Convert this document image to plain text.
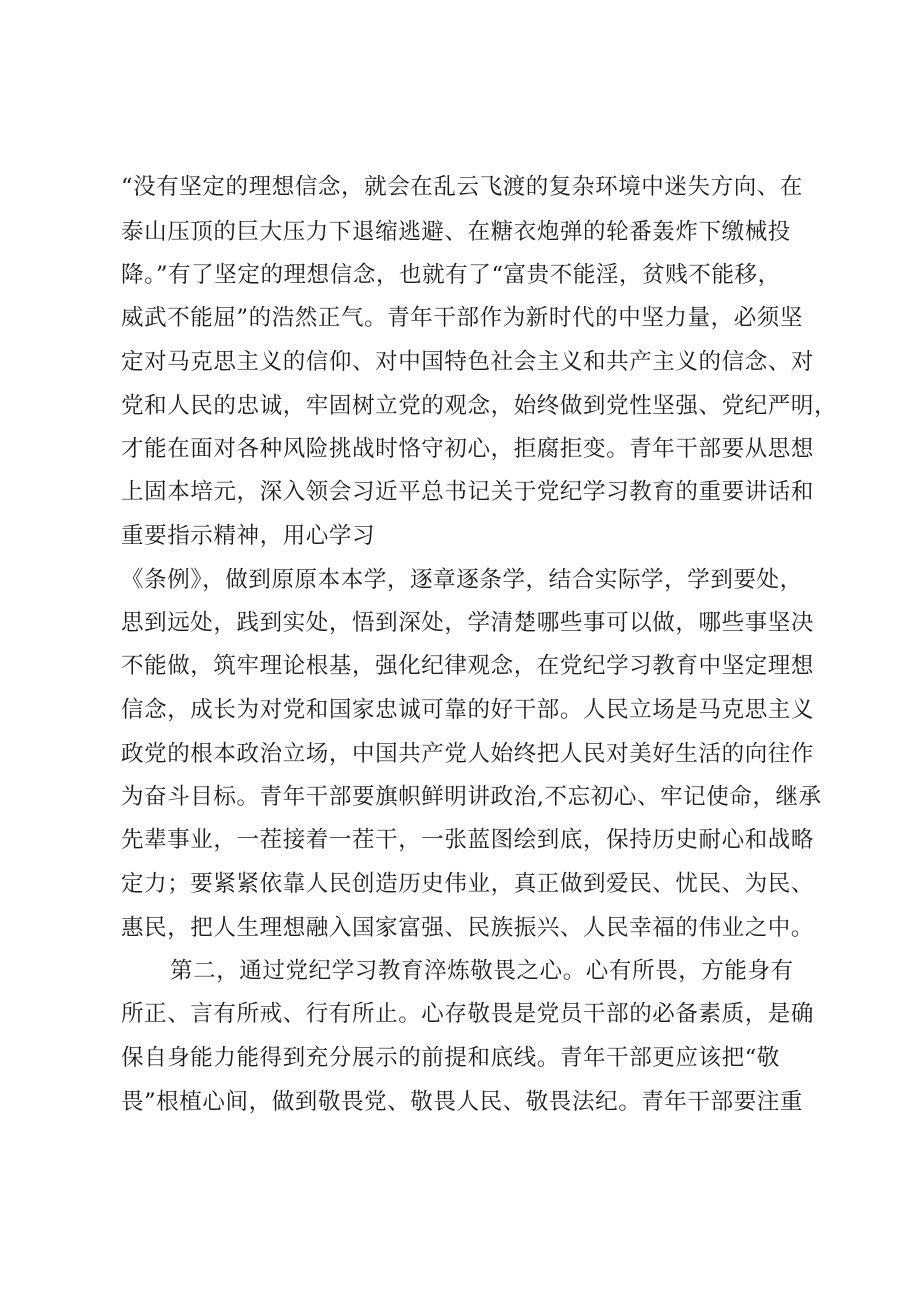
“没有坚定的理想信念，就会在乱云飞渡的复杂环境中迷失方向、在
泰山压顶的巨大压力下退缩逃避、在糖衣炮弹的轮番轰炸下缴械投
降。”有了坚定的理想信念，也就有了“富贵不能淫，贫贱不能移，
威武不能屈”的浩然正气。青年干部作为新时代的中坚力量，必须坚
定对马克思主义的信仰、对中国特色社会主义和共产主义的信念、对
党和人民的忠诚，牢固树立党的观念，始终做到党性坚强、党纪严明，
才能在面对各种风险挑战时恪守初心，拒腐拒变。青年干部要从思想
上固本培元，深入领会习近平总书记关于党纪学习教育的重要讲话和
重要指示精神，用心学习
《条例》，做到原原本本学，逐章逐条学，结合实际学，学到要处，
思到远处，践到实处，悟到深处，学清楚哪些事可以做，哪些事坚决
不能做，筑牢理论根基，强化纪律观念，在党纪学习教育中坚定理想
信念，成长为对党和国家忠诚可靠的好干部。人民立场是马克思主义
政党的根本政治立场，中国共产党人始终把人民对美好生活的向往作
为奋斗目标。青年干部要旗帜鲜明讲政治,不忘初心、牢记使命，继承
先辈事业，一茬接着一茬干，一张蓝图绘到底，保持历史耐心和战略
定力；要紧紧依靠人民创造历史伟业，真正做到爱民、忧民、为民、
惠民，把人生理想融入国家富强、民族振兴、人民幸福的伟业之中。
第二，通过党纪学习教育淬炼敬畏之心。心有所畏，方能身有
所正、言有所戒、行有所止。心存敬畏是党员干部的必备素质，是确
保自身能力能得到充分展示的前提和底线。青年干部更应该把“敬
畏”根植心间，做到敬畏党、敬畏人民、敬畏法纪。青年干部要注重
